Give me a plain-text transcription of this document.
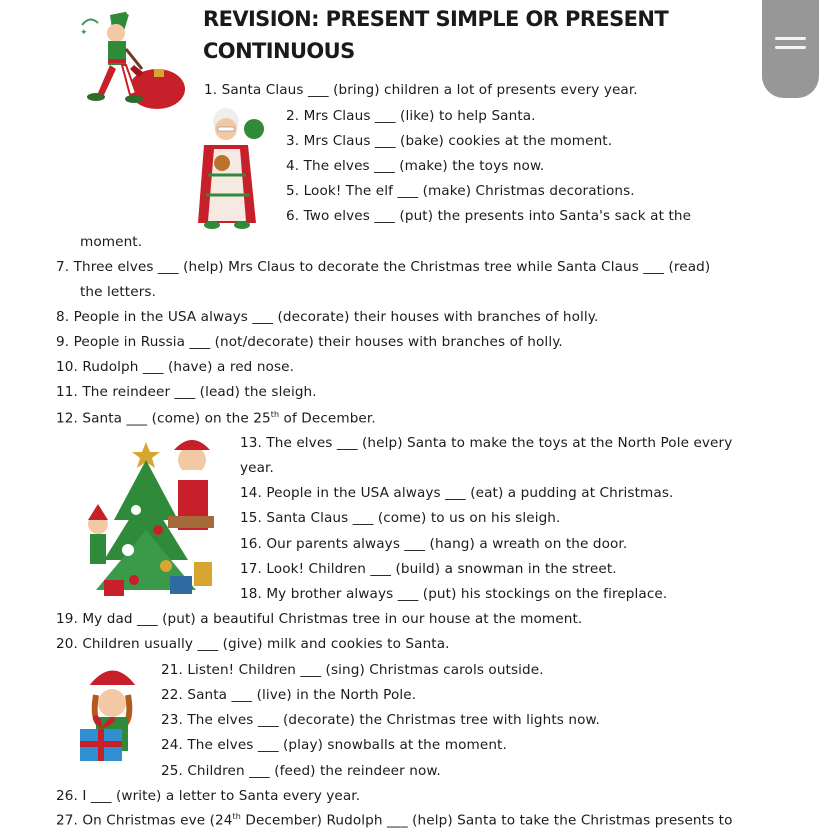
REVISION: PRESENT SIMPLE OR PRESENT
CONTINUOUS
✦
1. Santa Claus ___ (bring) children a lot of presents every year.
2. Mrs Claus ___ (like) to help Santa.
3. Mrs Claus ___ (bake) cookies at the moment.
4. The elves ___ (make) the toys now.
5. Look! The elf ___ (make) Christmas decorations.
6. Two elves ___ (put) the presents into Santa's sack at the
moment.
7. Three elves ___ (help) Mrs Claus to decorate the Christmas tree while Santa Claus ___ (read)
the letters.
8. People in the USA always ___ (decorate) their houses with branches of holly.
9. People in Russia ___ (not/decorate) their houses with branches of holly.
10. Rudolph ___ (have) a red nose.
11. The reindeer ___ (lead) the sleigh.
12. Santa ___ (come) on the 25th of December.
13. The elves ___ (help) Santa to make the toys at the North Pole every
year.
14. People in the USA always ___ (eat) a pudding at Christmas.
15. Santa Claus ___ (come) to us on his sleigh.
16. Our parents always ___ (hang) a wreath on the door.
17. Look! Children ___ (build) a snowman in the street.
18. My brother always ___ (put) his stockings on the fireplace.
19. My dad ___ (put) a beautiful Christmas tree in our house at the moment.
20. Children usually ___ (give) milk and cookies to Santa.
21. Listen! Children ___ (sing) Christmas carols outside.
22. Santa ___ (live) in the North Pole.
23. The elves ___ (decorate) the Christmas tree with lights now.
24. The elves ___ (play) snowballs at the moment.
25. Children ___ (feed) the reindeer now.
26. I ___ (write) a letter to Santa every year.
27. On Christmas eve (24th December) Rudolph ___ (help) Santa to take the Christmas presents to
